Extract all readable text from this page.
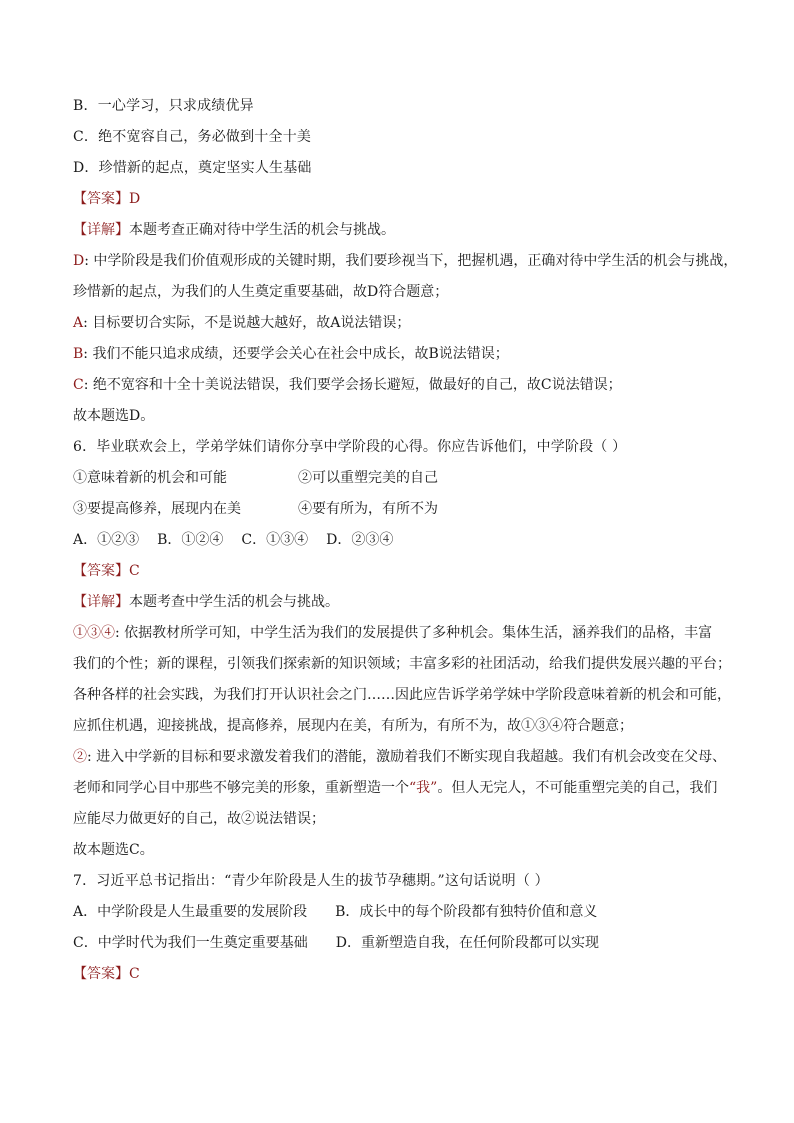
B．一心学习，只求成绩优异

C．绝不宽容自己，务必做到十全十美

D．珍惜新的起点，奠定坚实人生基础

【答案】D

【详解】本题考查正确对待中学生活的机会与挑战。

D: 中学阶段是我们价值观形成的关键时期，我们要珍视当下，把握机遇，正确对待中学生活的机会与挑战，

珍惜新的起点，为我们的人生奠定重要基础，故D符合题意；

A: 目标要切合实际，不是说越大越好，故A说法错误；

B: 我们不能只追求成绩，还要学会关心在社会中成长，故B说法错误；

C: 绝不宽容和十全十美说法错误，我们要学会扬长避短，做最好的自己，故C说法错误；

故本题选D。

6．毕业联欢会上，学弟学妹们请你分享中学阶段的心得。你应告诉他们，中学阶段（ ）

①意味着新的机会和可能	②可以重塑完美的自己

③要提高修养，展现内在美	④要有所为，有所不为

A．①②③ B．①②④ C．①③④ D．②③④

【答案】C

【详解】本题考查中学生活的机会与挑战。

①③④: 依据教材所学可知，中学生活为我们的发展提供了多种机会。集体生活，涵养我们的品格，丰富

我们的个性；新的课程，引领我们探索新的知识领域；丰富多彩的社团活动，给我们提供发展兴趣的平台；

各种各样的社会实践，为我们打开认识社会之门……因此应告诉学弟学妹中学阶段意味着新的机会和可能，

应抓住机遇，迎接挑战，提高修养，展现内在美，有所为，有所不为，故①③④符合题意；

②: 进入中学新的目标和要求激发着我们的潜能，激励着我们不断实现自我超越。我们有机会改变在父母、

老师和同学心目中那些不够完美的形象，重新塑造一个“我”。但人无完人，不可能重塑完美的自己，我们

应能尽力做更好的自己，故②说法错误；

故本题选C。

7．习近平总书记指出：“青少年阶段是人生的拔节孕穗期。”这句话说明（ ）

A．中学阶段是人生最重要的发展阶段 B．成长中的每个阶段都有独特价值和意义

C．中学时代为我们一生奠定重要基础 D．重新塑造自我，在任何阶段都可以实现

【答案】C
